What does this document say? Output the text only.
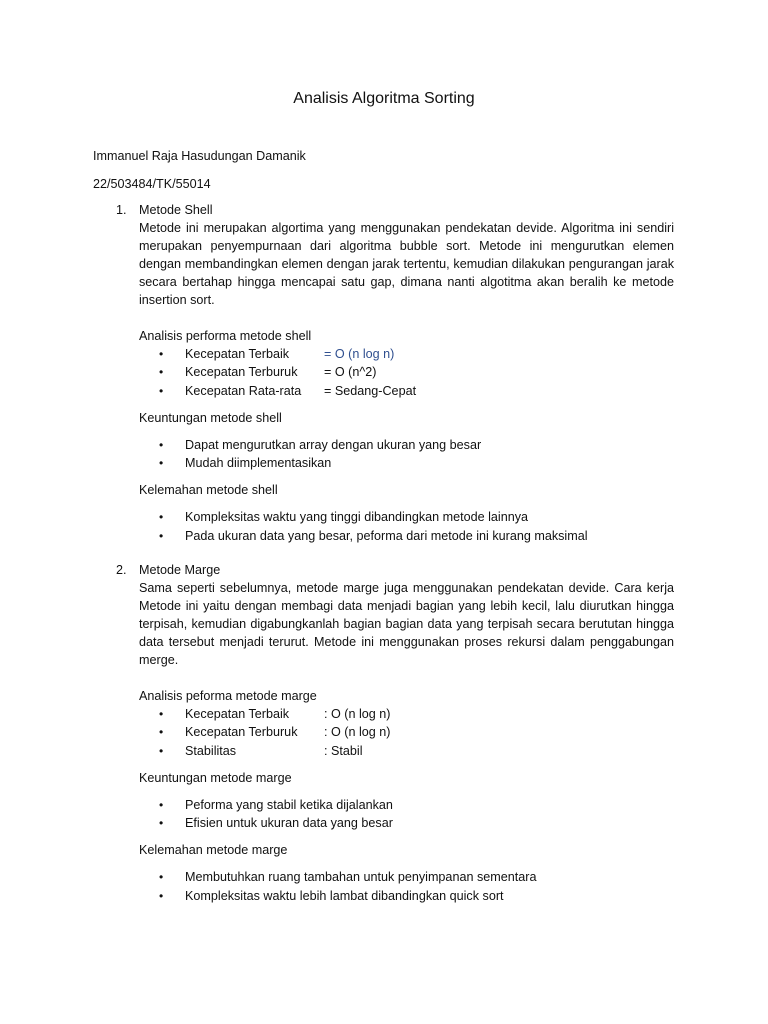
Analisis Algoritma Sorting
Immanuel Raja Hasudungan Damanik
22/503484/TK/55014
1. Metode Shell
Metode ini merupakan algortima yang menggunakan pendekatan devide. Algoritma ini sendiri merupakan penyempurnaan dari algoritma bubble sort. Metode ini mengurutkan elemen dengan membandingkan elemen dengan jarak tertentu, kemudian dilakukan pengurangan jarak secara bertahap hingga mencapai satu gap, dimana nanti algotitma akan beralih ke metode insertion sort.
Analisis performa metode shell
• Kecepatan Terbaik	= O (n log n)
• Kecepatan Terburuk = O (n^2)
• Kecepatan Rata-rata = Sedang-Cepat
Keuntungan metode shell
• Dapat mengurutkan array dengan ukuran yang besar
• Mudah diimplementasikan
Kelemahan metode shell
• Kompleksitas waktu yang tinggi dibandingkan metode lainnya
• Pada ukuran data yang besar, peforma dari metode ini kurang maksimal
2. Metode Marge
Sama seperti sebelumnya, metode marge juga menggunakan pendekatan devide. Cara kerja Metode ini yaitu dengan membagi data menjadi bagian yang lebih kecil, lalu diurutkan hingga terpisah, kemudian digabungkanlah bagian bagian data yang terpisah secara berututan hingga data tersebut menjadi terurut. Metode ini menggunakan proses rekursi dalam penggabungan merge.
Analisis peforma metode marge
• Kecepatan Terbaik	: O (n log n)
• Kecepatan Terburuk : O (n log n)
• Stabilitas	: Stabil
Keuntungan metode marge
• Peforma yang stabil ketika dijalankan
• Efisien untuk ukuran data yang besar
Kelemahan metode marge
• Membutuhkan ruang tambahan untuk penyimpanan sementara
• Kompleksitas waktu lebih lambat dibandingkan quick sort
